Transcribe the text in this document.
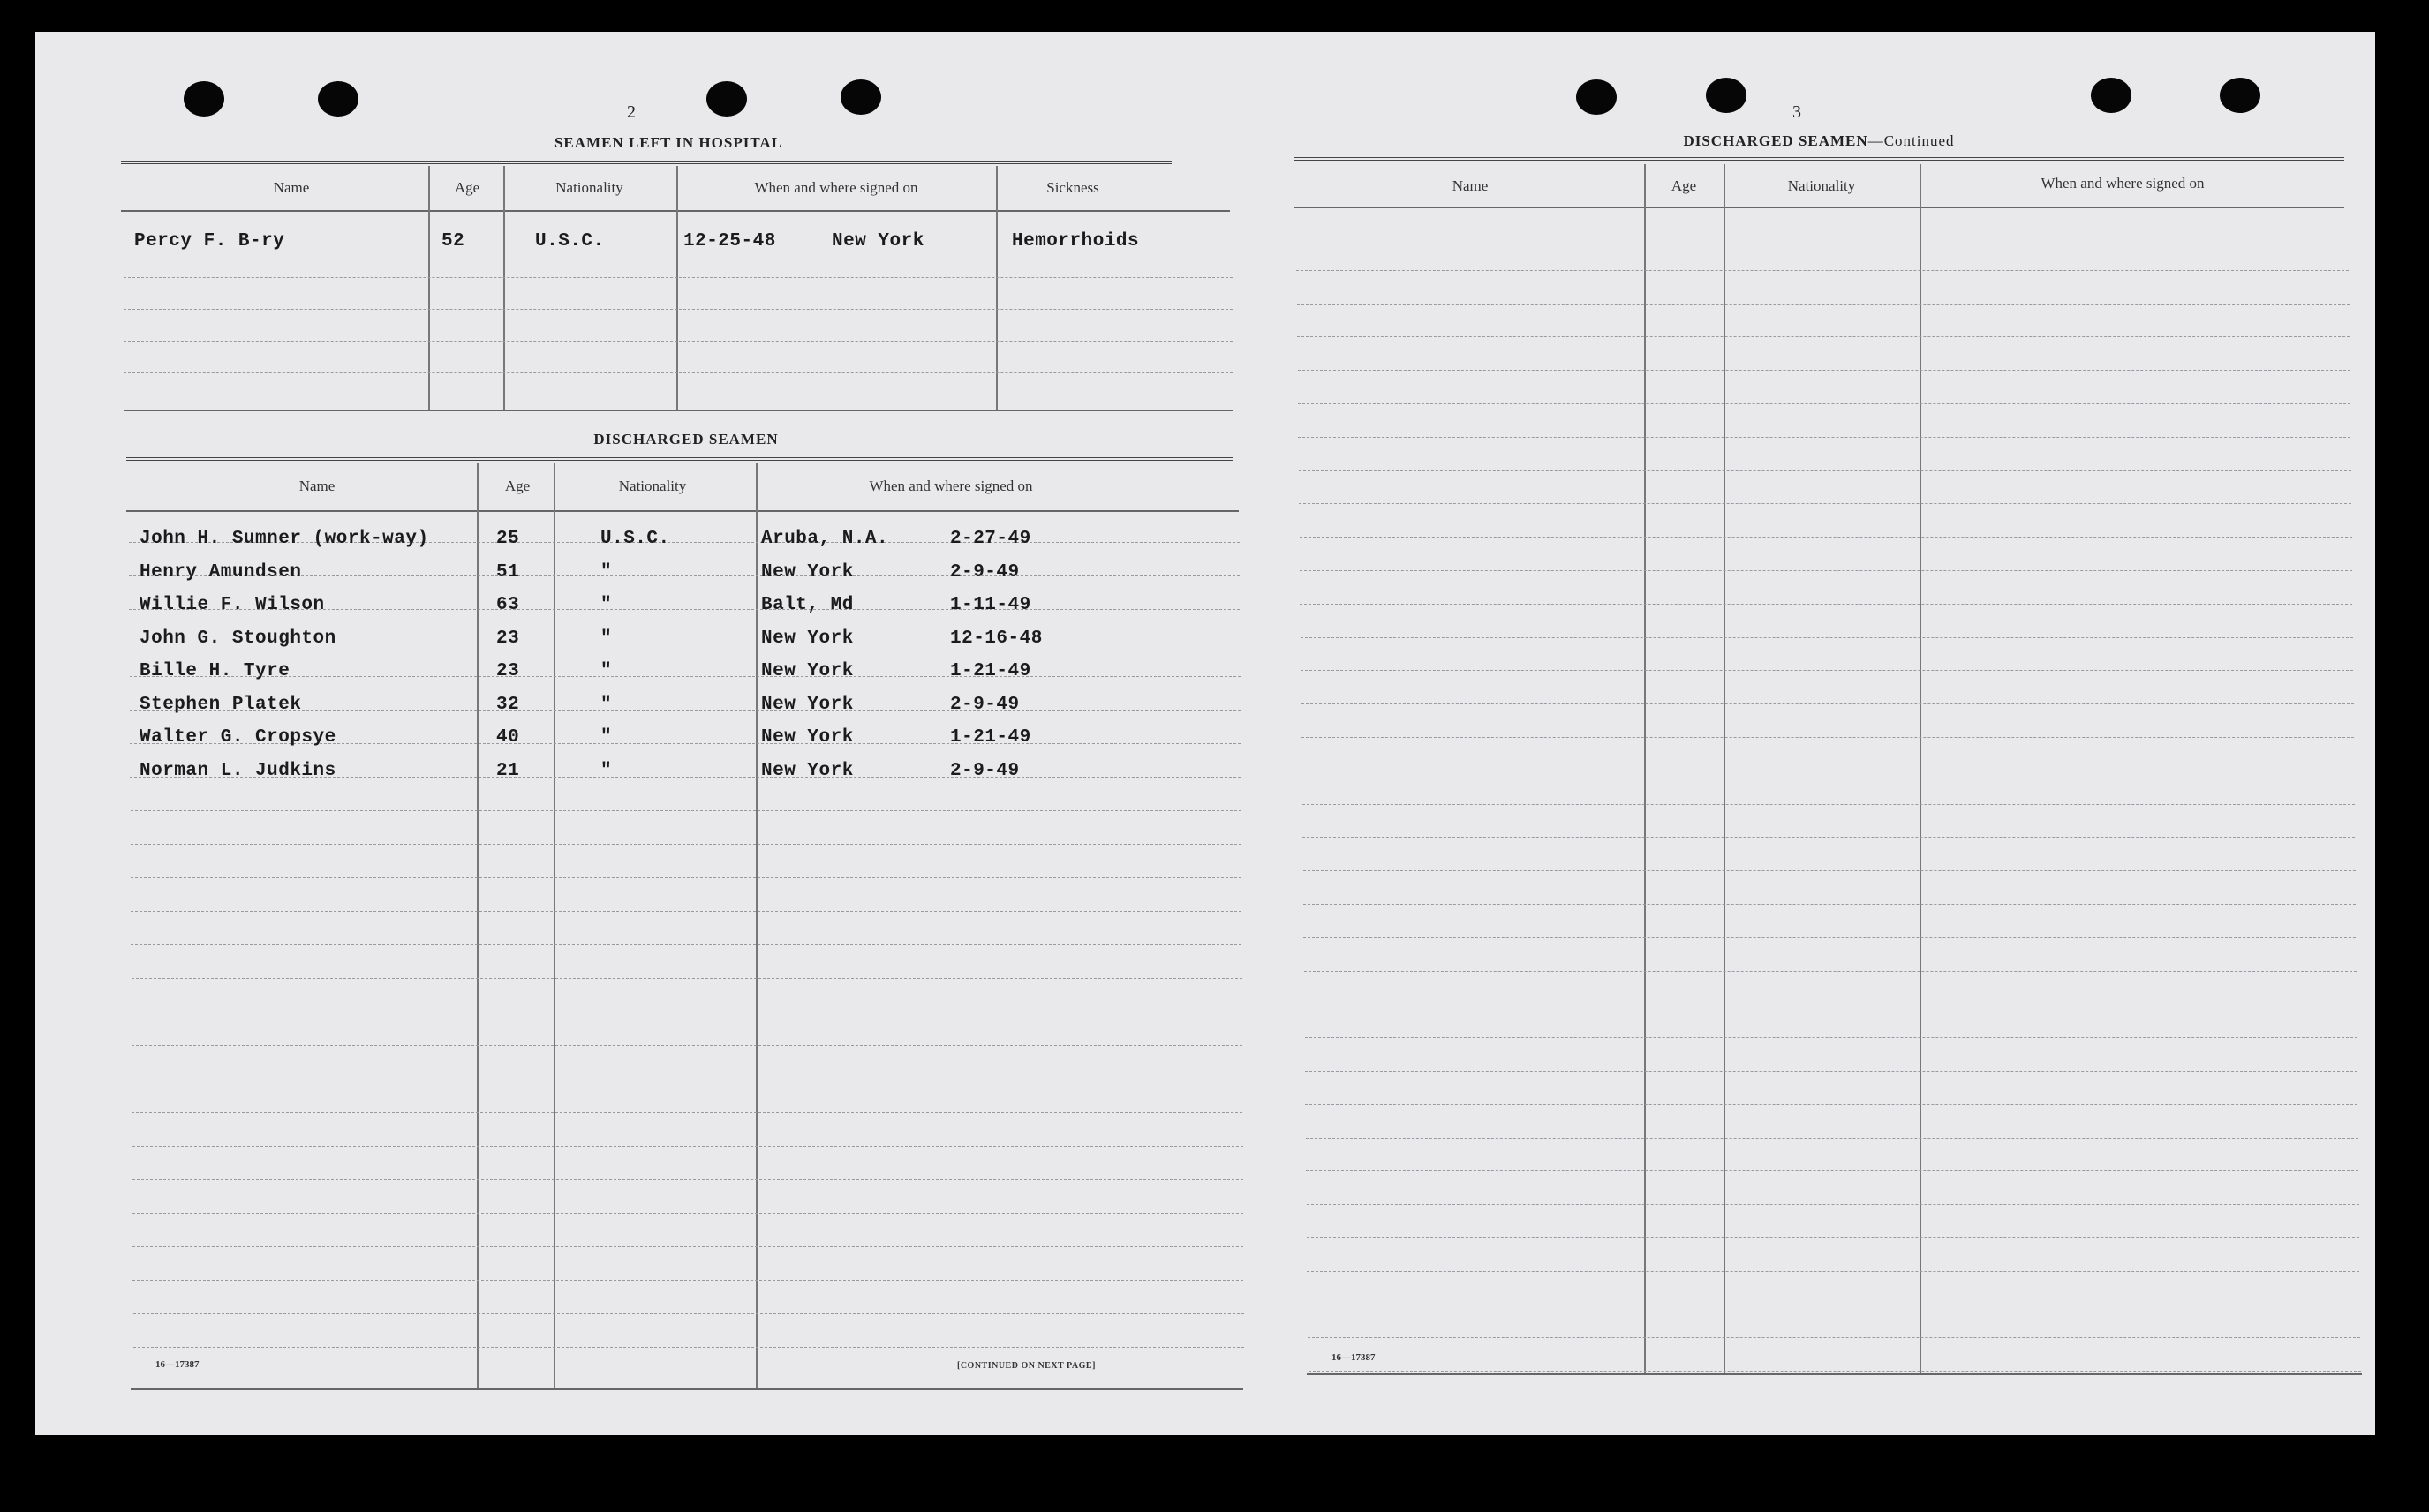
2
SEAMEN LEFT IN HOSPITAL
Name	Age	Nationality	When and where signed on	Sickness
Percy F. B-ry	52	U.S.C.	12-25-48	New York	Hemorrhoids
DISCHARGED SEAMEN
Name	Age	Nationality	When and where signed on
John H. Sumner (work-way)	25	U.S.C.	Aruba, N.A.	2-27-49
Henry Amundsen	51	"	New York	2-9-49
Willie F. Wilson	63	"	Balt, Md	1-11-49
John G. Stoughton	23	"	New York	12-16-48
Bille H. Tyre	23	"	New York	1-21-49
Stephen Platek	32	"	New York	2-9-49
Walter G. Cropsye	40	"	New York	1-21-49
Norman L. Judkins	21	"	New York	2-9-49
16—17387	[CONTINUED ON NEXT PAGE]
3
DISCHARGED SEAMEN—Continued
Name	Age	Nationality	When and where signed on
16—17387
